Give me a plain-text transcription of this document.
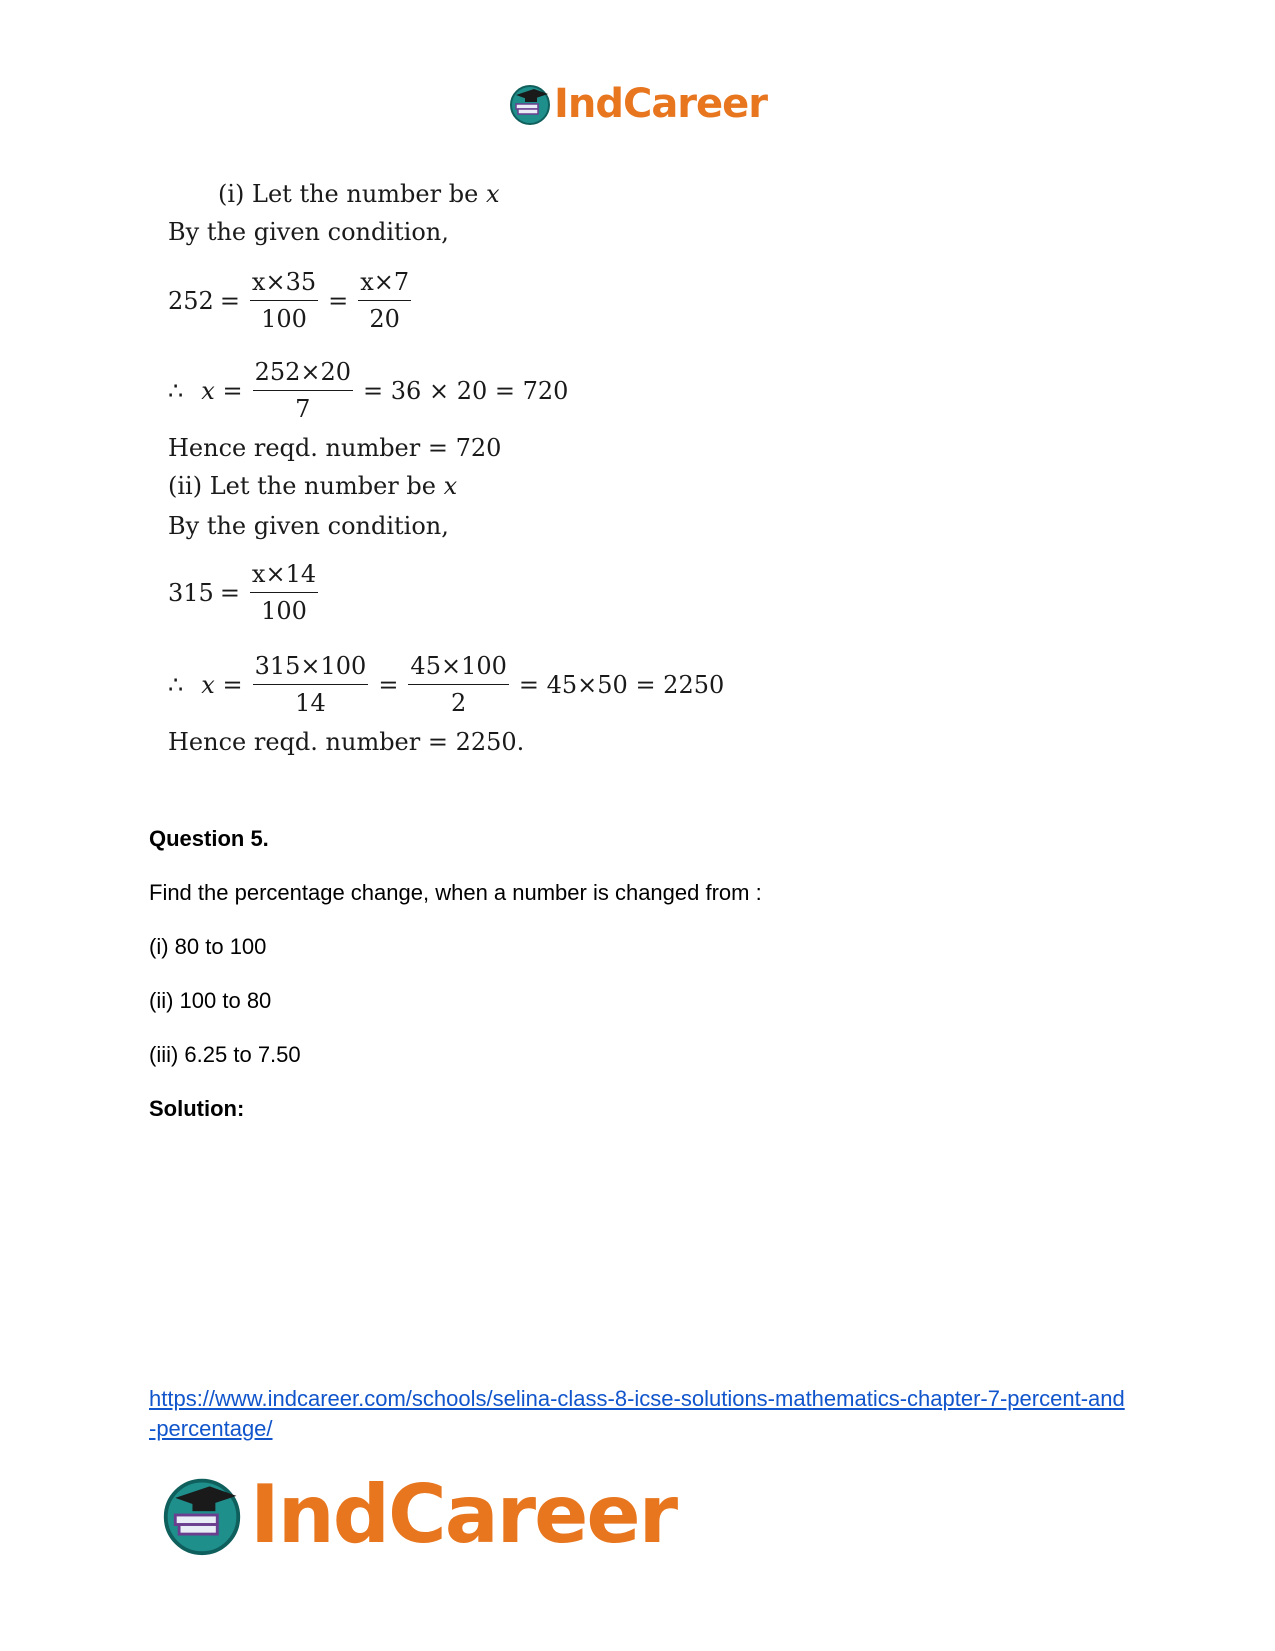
IndCareer
(i) Let the number be x
By the given condition,
$252 = \frac{x\times 35}{100} = \frac{x\times 7}{20}$
∴ $x = \frac{252\times 20}{7} = 36 \times 20 = 720$
Hence reqd. number = 720
(ii) Let the number be x
By the given condition,
$315 = \frac{x\times 14}{100}$
∴ $x = \frac{315\times 100}{14} = \frac{45\times 100}{2} = 45\times 50 = 2250$
Hence reqd. number = 2250.
Question 5.
Find the percentage change, when a number is changed from :
(i) 80 to 100
(ii) 100 to 80
(iii) 6.25 to 7.50
Solution:
https://www.indcareer.com/schools/selina-class-8-icse-solutions-mathematics-chapter-7-percent-and-percentage/
IndCareer
